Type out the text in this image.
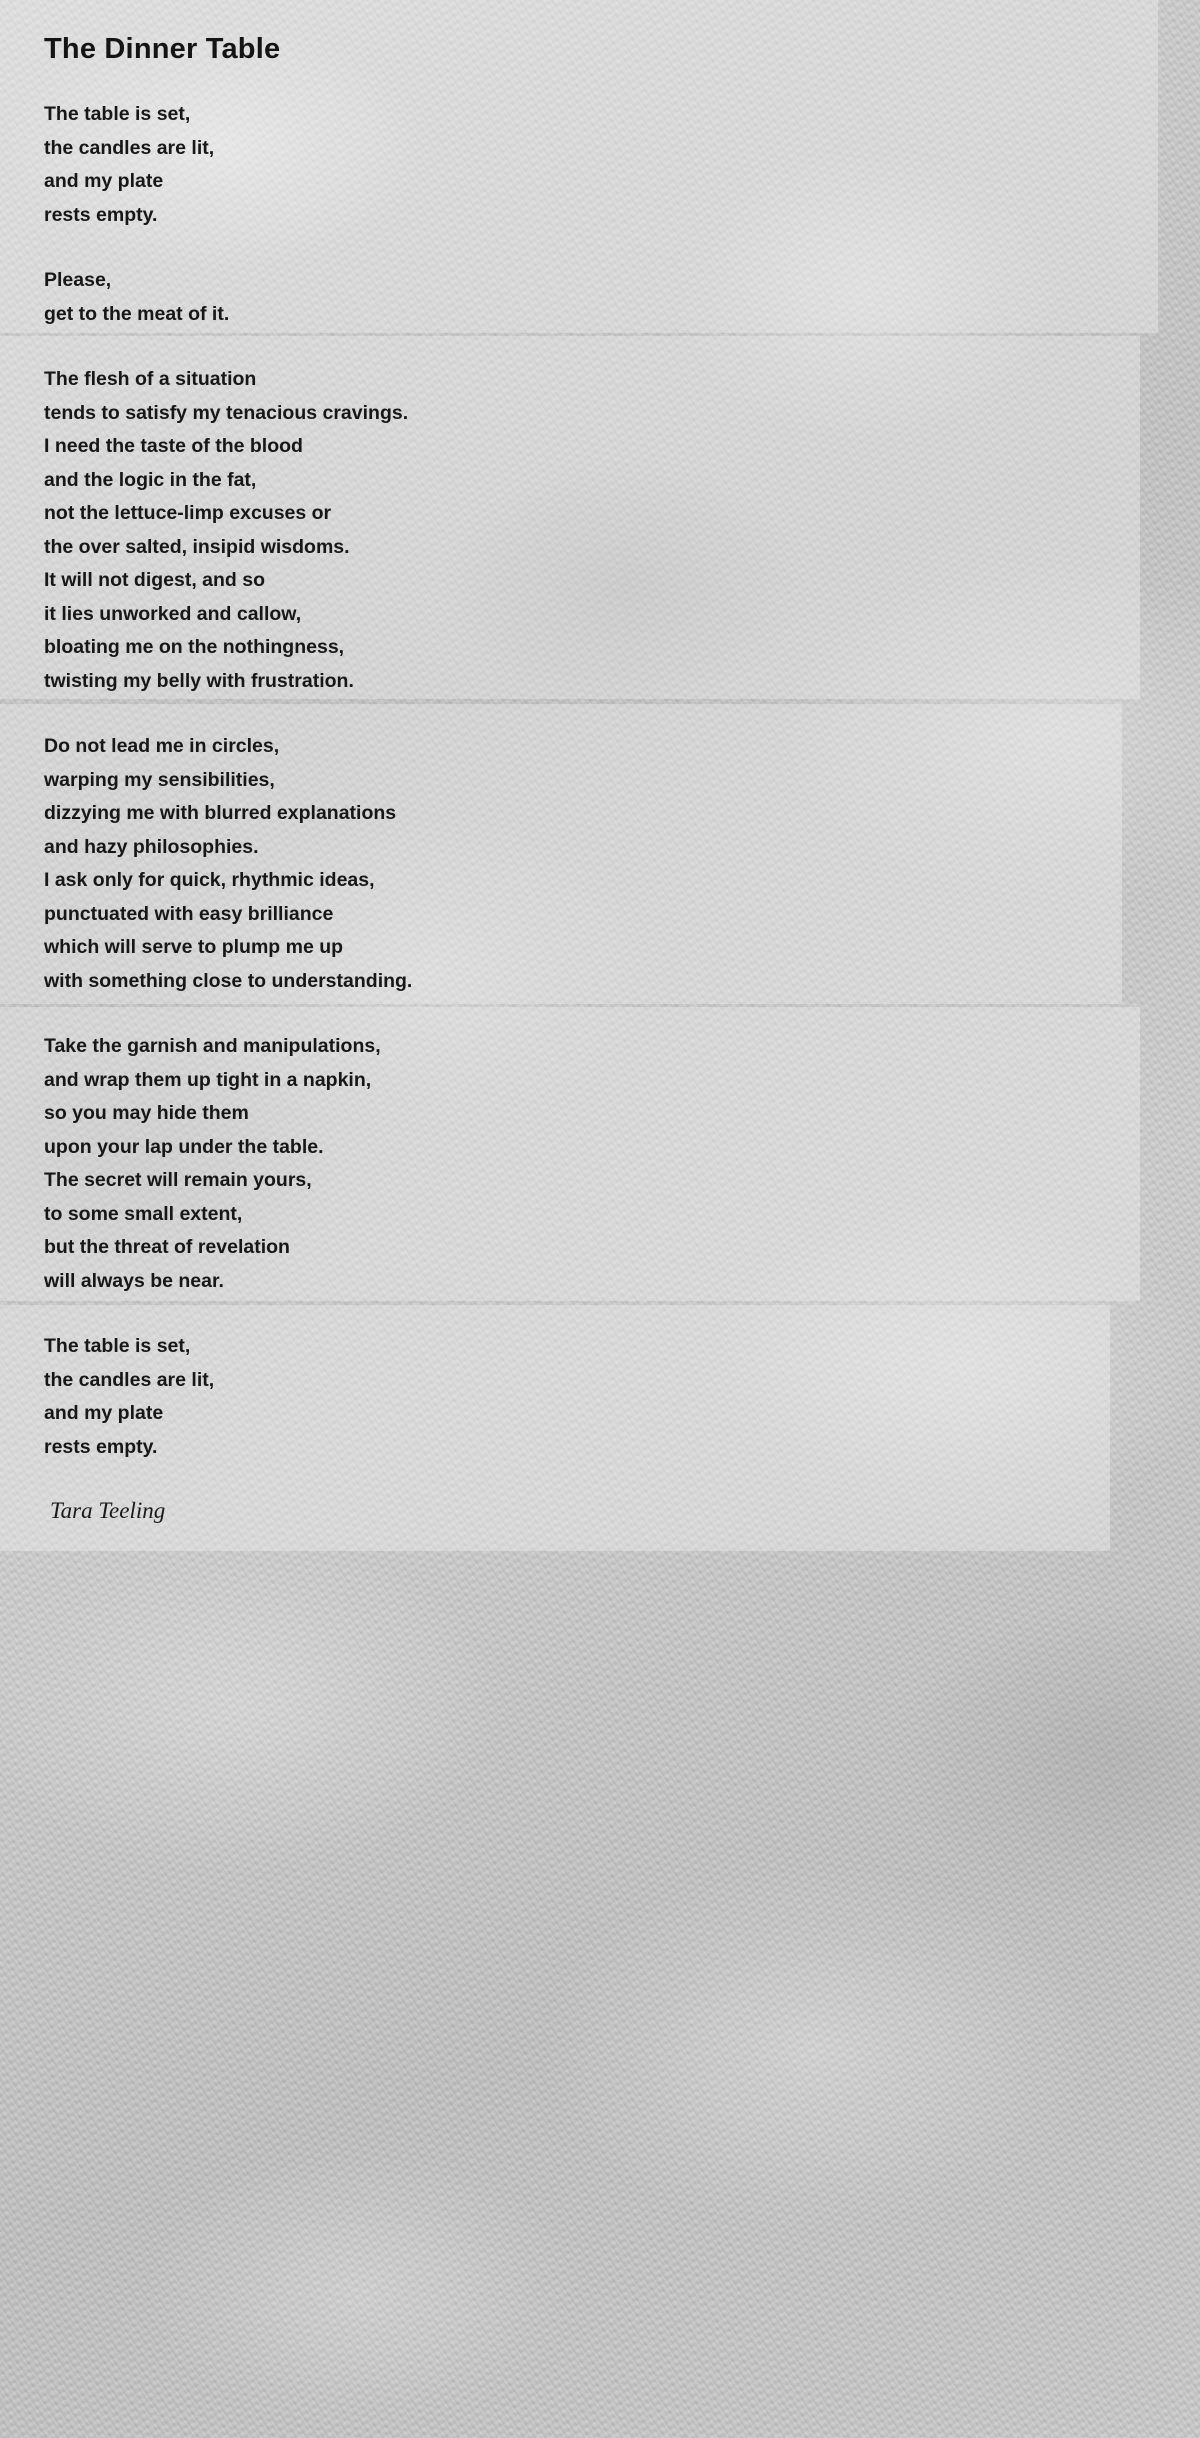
The Dinner Table
The table is set,
the candles are lit,
and my plate
rests empty.
Please,
get to the meat of it.
The flesh of a situation
tends to satisfy my tenacious cravings.
I need the taste of the blood
and the logic in the fat,
not the lettuce-limp excuses or
the over salted, insipid wisdoms.
It will not digest, and so
it lies unworked and callow,
bloating me on the nothingness,
twisting my belly with frustration.
Do not lead me in circles,
warping my sensibilities,
dizzying me with blurred explanations
and hazy philosophies.
I ask only for quick, rhythmic ideas,
punctuated with easy brilliance
which will serve to plump me up
with something close to understanding.
Take the garnish and manipulations,
and wrap them up tight in a napkin,
so you may hide them
upon your lap under the table.
The secret will remain yours,
to some small extent,
but the threat of revelation
will always be near.
The table is set,
the candles are lit,
and my plate
rests empty.
Tara Teeling
